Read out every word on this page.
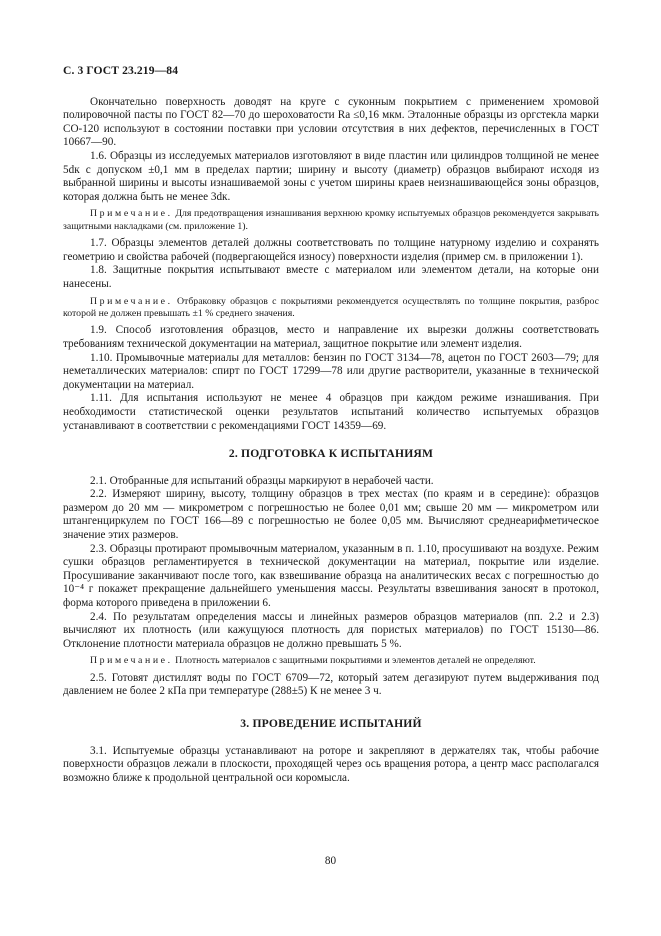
С. 3 ГОСТ 23.219—84

Окончательно поверхность доводят на круге с суконным покрытием с применением хромовой полировочной пасты по ГОСТ 82—70 до шероховатости Ra ≤0,16 мкм. Эталонные образцы из оргстекла марки СО-120 используют в состоянии поставки при условии отсутствия в них дефектов, перечисленных в ГОСТ 10667—90.

1.6. Образцы из исследуемых материалов изготовляют в виде пластин или цилиндров толщиной не менее 5dк с допуском ±0,1 мм в пределах партии; ширину и высоту (диаметр) образцов выбирают исходя из выбранной ширины и высоты изнашиваемой зоны с учетом ширины краев неизнашивающейся зоны образцов, которая должна быть не менее 3dк.

Примечание. Для предотвращения изнашивания верхнюю кромку испытуемых образцов рекомендуется закрывать защитными накладками (см. приложение 1).

1.7. Образцы элементов деталей должны соответствовать по толщине натурному изделию и сохранять геометрию и свойства рабочей (подвергающейся износу) поверхности изделия (пример см. в приложении 1).

1.8. Защитные покрытия испытывают вместе с материалом или элементом детали, на которые они нанесены.

Примечание. Отбраковку образцов с покрытиями рекомендуется осуществлять по толщине покрытия, разброс которой не должен превышать ±1 % среднего значения.

1.9. Способ изготовления образцов, место и направление их вырезки должны соответствовать требованиям технической документации на материал, защитное покрытие или элемент изделия.

1.10. Промывочные материалы для металлов: бензин по ГОСТ 3134—78, ацетон по ГОСТ 2603—79; для неметаллических материалов: спирт по ГОСТ 17299—78 или другие растворители, указанные в технической документации на материал.

1.11. Для испытания используют не менее 4 образцов при каждом режиме изнашивания. При необходимости статистической оценки результатов испытаний количество испытуемых образцов устанавливают в соответствии с рекомендациями ГОСТ 14359—69.

2. ПОДГОТОВКА К ИСПЫТАНИЯМ

2.1. Отобранные для испытаний образцы маркируют в нерабочей части.

2.2. Измеряют ширину, высоту, толщину образцов в трех местах (по краям и в середине): образцов размером до 20 мм — микрометром с погрешностью не более 0,01 мм; свыше 20 мм — микрометром или штангенциркулем по ГОСТ 166—89 с погрешностью не более 0,05 мм. Вычисляют среднеарифметическое значение этих размеров.

2.3. Образцы протирают промывочным материалом, указанным в п. 1.10, просушивают на воздухе. Режим сушки образцов регламентируется в технической документации на материал, покрытие или изделие. Просушивание заканчивают после того, как взвешивание образца на аналитических весах с погрешностью до 10⁻⁴ г покажет прекращение дальнейшего уменьшения массы. Результаты взвешивания заносят в протокол, форма которого приведена в приложении 6.

2.4. По результатам определения массы и линейных размеров образцов материалов (пп. 2.2 и 2.3) вычисляют их плотность (или кажущуюся плотность для пористых материалов) по ГОСТ 15130—86. Отклонение плотности материала образцов не должно превышать 5 %.

Примечание. Плотность материалов с защитными покрытиями и элементов деталей не определяют.

2.5. Готовят дистиллят воды по ГОСТ 6709—72, который затем дегазируют путем выдерживания под давлением не более 2 кПа при температуре (288±5) К не менее 3 ч.

3. ПРОВЕДЕНИЕ ИСПЫТАНИЙ

3.1. Испытуемые образцы устанавливают на роторе и закрепляют в держателях так, чтобы рабочие поверхности образцов лежали в плоскости, проходящей через ось вращения ротора, а центр масс располагался возможно ближе к продольной центральной оси коромысла.

80
